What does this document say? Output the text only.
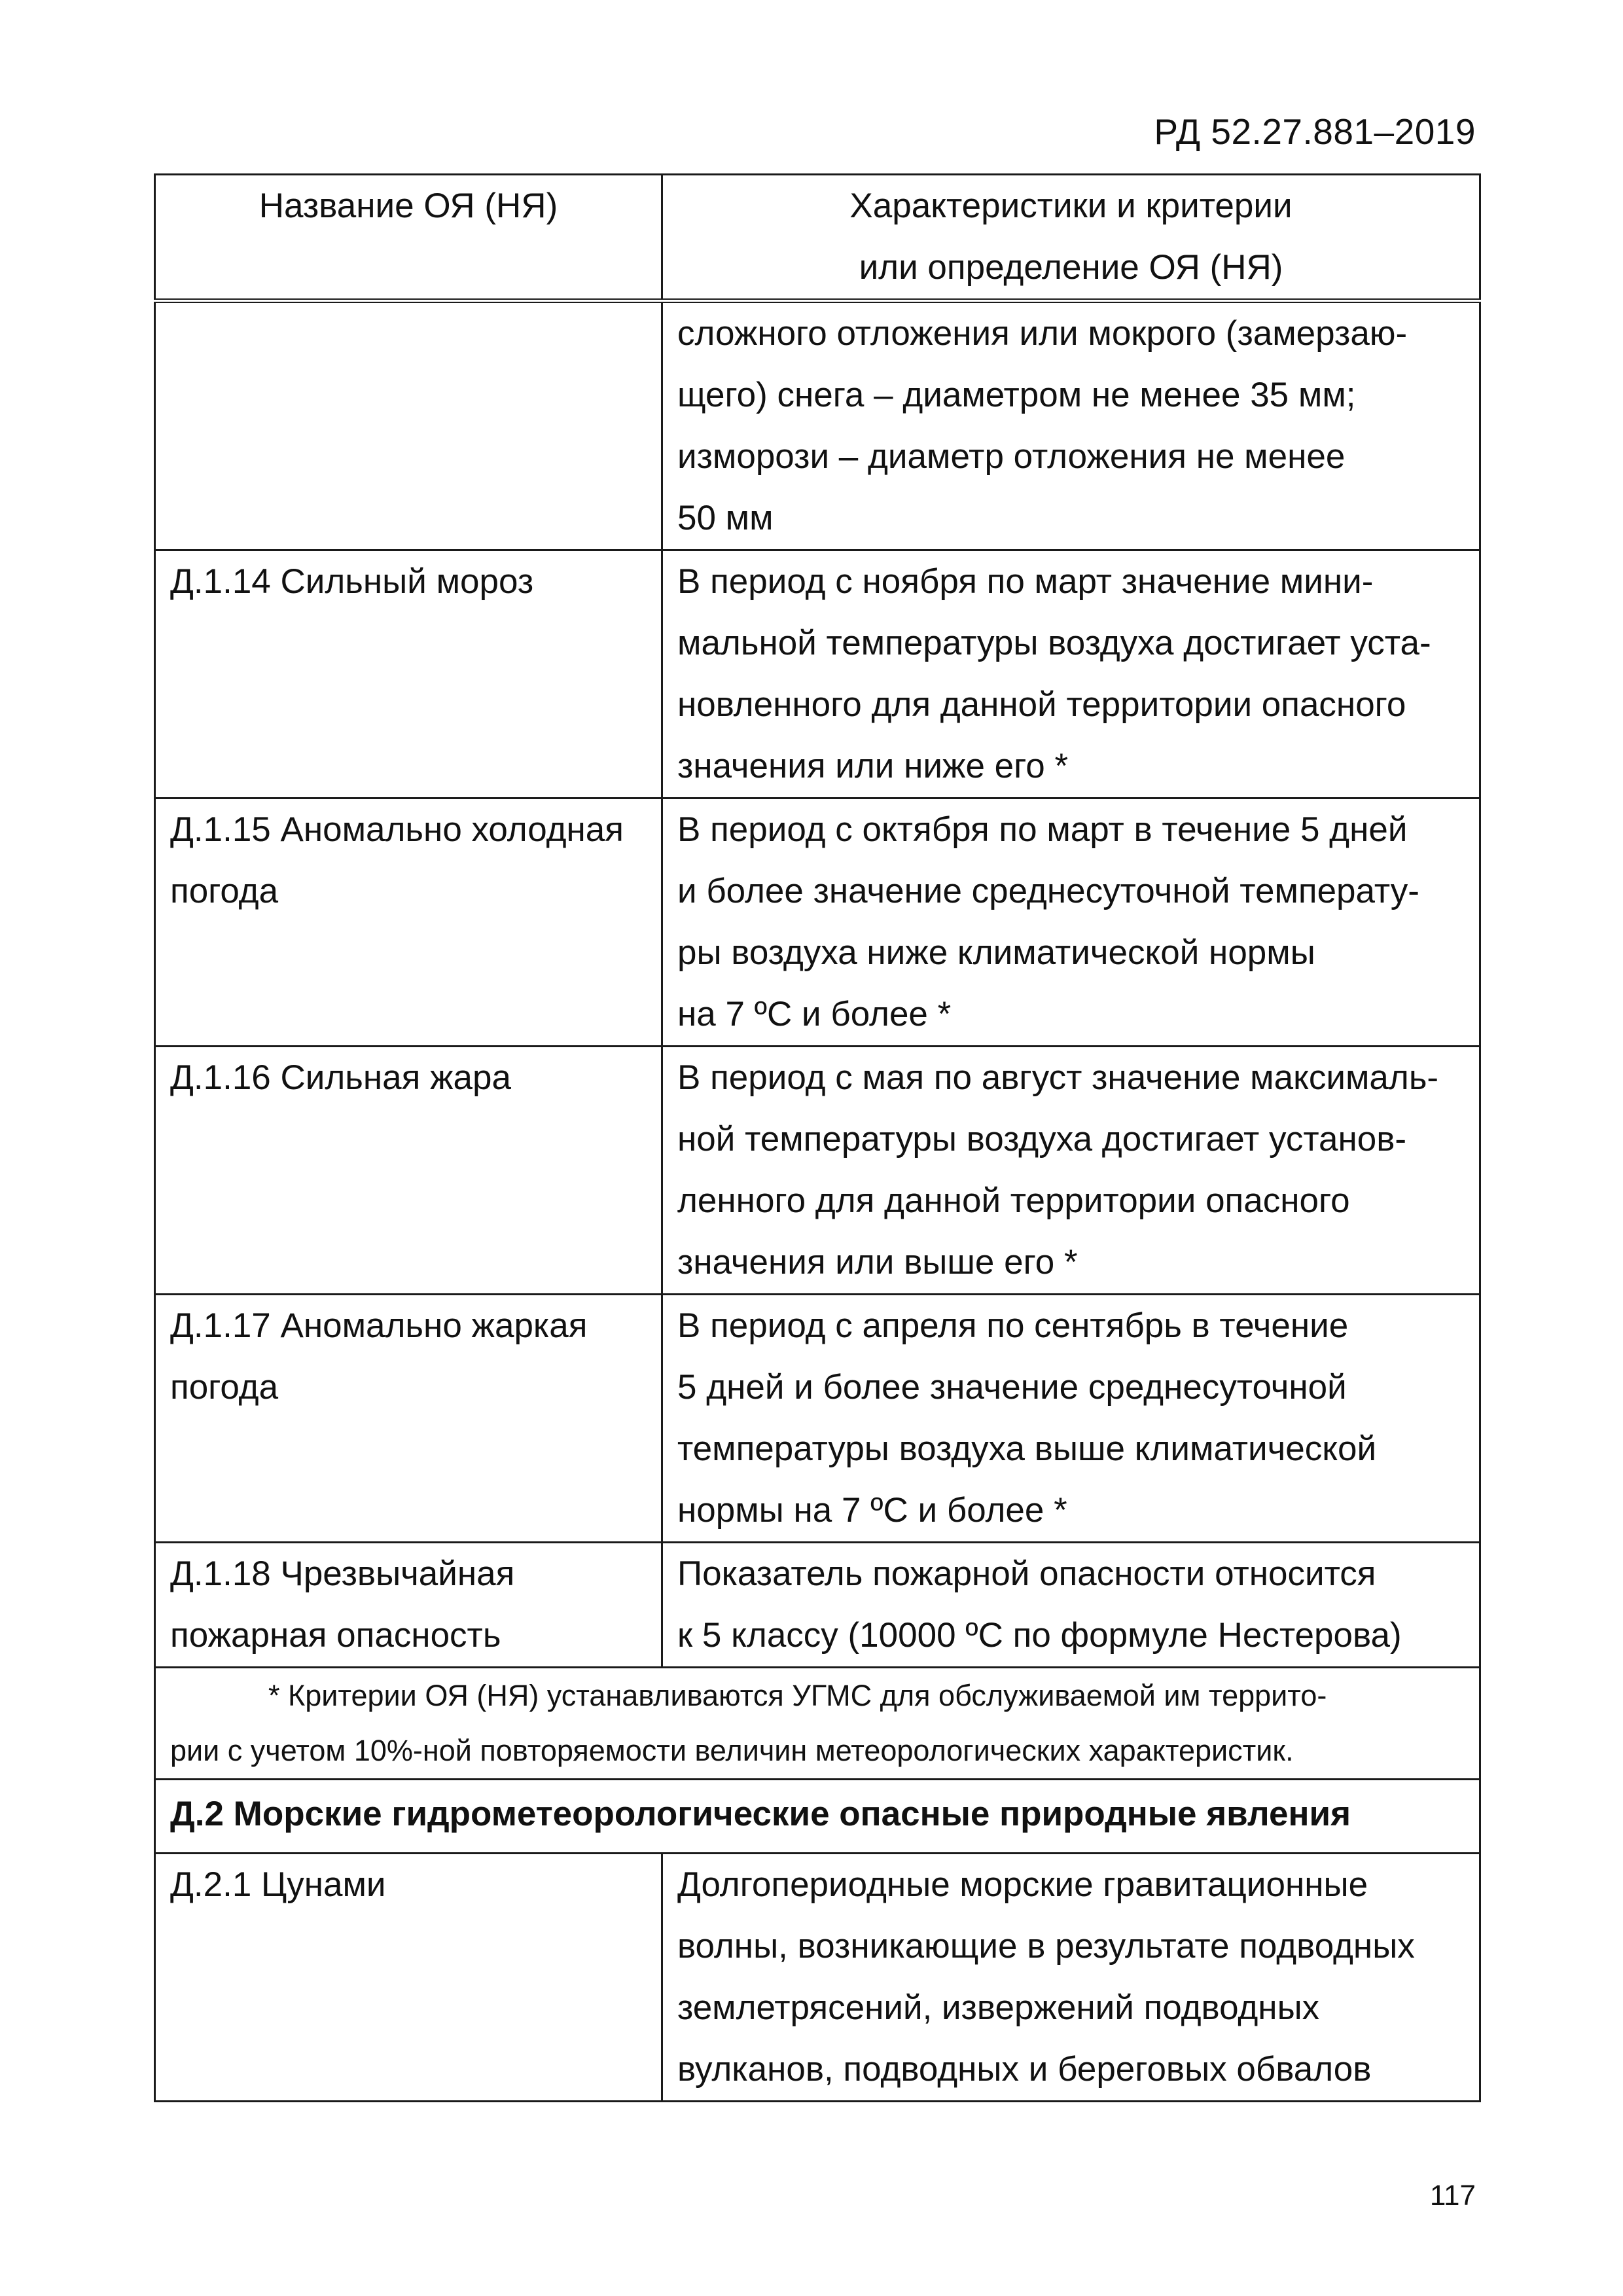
РД 52.27.881–2019
Название ОЯ (НЯ)	Характеристики и критерии
или определение ОЯ (НЯ)

	сложного отложения или мокрого (замерзаю-
щего) снега – диаметром не менее 35 мм;
изморози – диаметр отложения не менее
50 мм

Д.1.14 Сильный мороз	В период с ноября по март значение мини-
мальной температуры воздуха достигает уста-
новленного для данной территории опасного
значения или ниже его *

Д.1.15 Аномально холодная
погода	В период с октября по март в течение 5 дней
и более значение среднесуточной температу-
ры воздуха ниже климатической нормы
на 7 ºС и более *

Д.1.16 Сильная жара	В период с мая по август значение максималь-
ной температуры воздуха достигает установ-
ленного для данной территории опасного
значения или выше его *

Д.1.17 Аномально жаркая
погода	В период с апреля по сентябрь в течение
5 дней и более значение среднесуточной
температуры воздуха выше климатической
нормы на 7 ºС и более *

Д.1.18 Чрезвычайная
пожарная опасность	Показатель пожарной опасности относится
к 5 классу (10000 ºС по формуле Нестерова)

* Критерии ОЯ (НЯ) устанавливаются УГМС для обслуживаемой им террито-
рии с учетом 10%-ной повторяемости величин метеорологических характеристик.	

Д.2 Морские гидрометеорологические опасные природные явления	

Д.2.1 Цунами	Долгопериодные морские гравитационные
волны, возникающие в результате подводных
землетрясений, извержений подводных
вулканов, подводных и береговых обвалов
117
